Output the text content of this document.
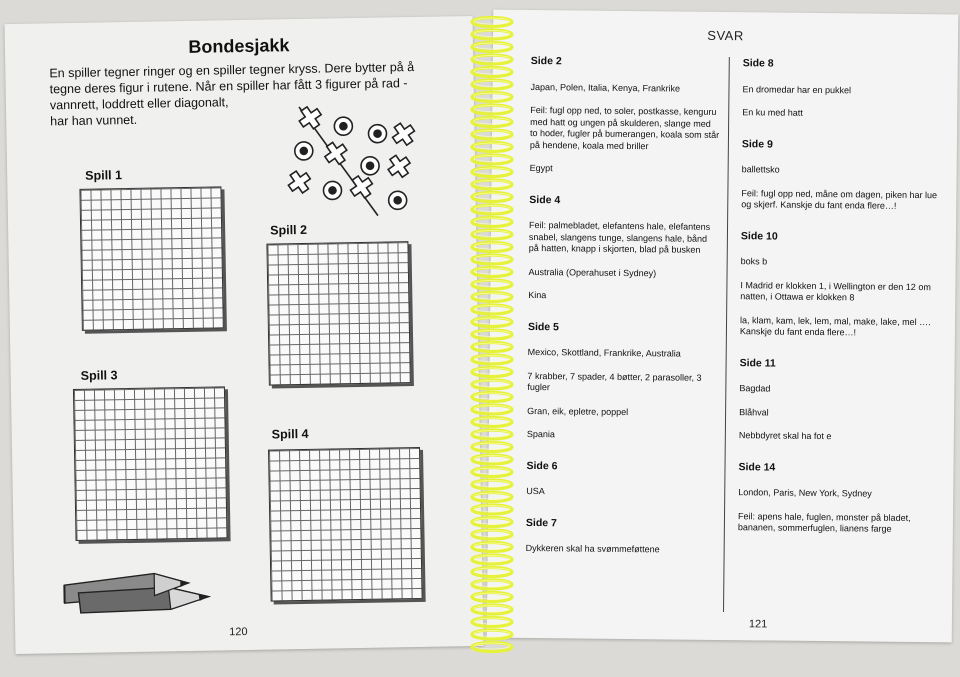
Bondesjakk
En spiller tegner ringer og en spiller tegner kryss. Dere bytter på å
tegne deres figur i rutene. Når en spiller har fått 3 figurer på rad -
vannrett, loddrett eller diagonalt,
har han vunnet.
Spill 1
Spill 2
Spill 3
Spill 4
120
SVAR
Side 2
Japan, Polen, Italia, Kenya, Frankrike
Feil: fugl opp ned, to soler, postkasse, kenguru med hatt og ungen på skulderen, slange med to hoder, fugler på bumerangen, koala som står på hendene, koala med briller
Egypt
Side 4
Feil: palmebladet, elefantens hale, elefantens snabel, slangens tunge, slangens hale, bånd på hatten, knapp i skjorten, blad på busken
Australia (Operahuset i Sydney)
Kina
Side 5
Mexico, Skottland, Frankrike, Australia
7 krabber, 7 spader, 4 bøtter, 2 parasoller, 3 fugler
Gran, eik, epletre, poppel
Spania
Side 6
USA
Side 7
Dykkeren skal ha svømmeføttene
Side 8
En dromedar har en pukkel
En ku med hatt
Side 9
ballettsko
Feil: fugl opp ned, måne om dagen, piken har lue og skjerf. Kanskje du fant enda flere…!
Side 10
boks b
I Madrid er klokken 1, i Wellington er den 12 om natten, i Ottawa er klokken 8
la, klam, kam, lek, lem, mal, make, lake, mel …. Kanskje du fant enda flere…!
Side 11
Bagdad
Blåhval
Nebbdyret skal ha fot e
Side 14
London, Paris, New York, Sydney
Feil: apens hale, fuglen, monster på bladet, bananen, sommerfuglen, lianens farge
121
